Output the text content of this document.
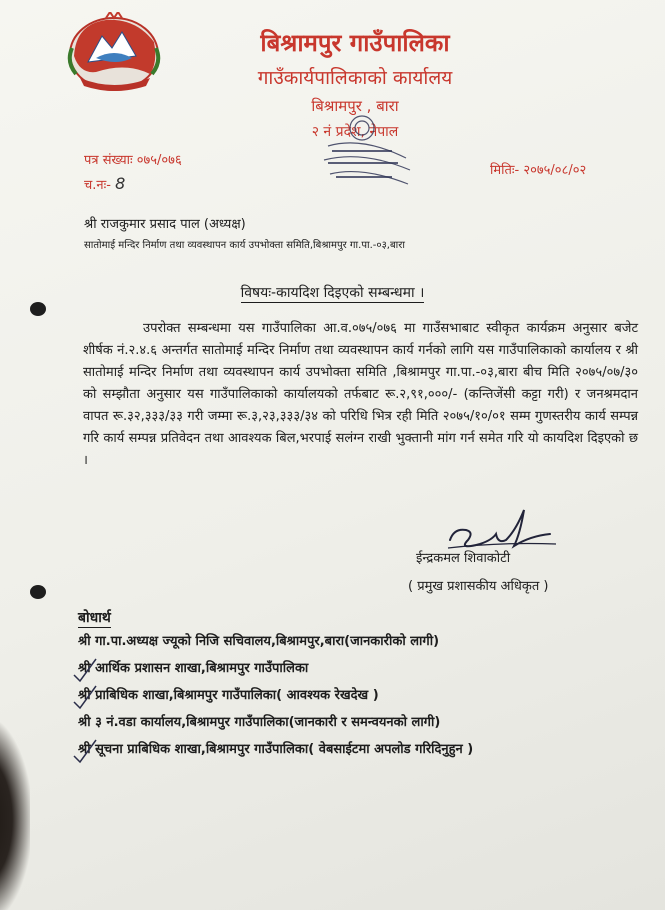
बिश्रामपुर गाउँपालिका
गाउँकार्यपालिकाको कार्यालय
बिश्रामपुर , बारा
२ नं प्रदेश, नेपाल
पत्र संख्याः ०७५/०७६
च.नः- 8
मितिः- २०७५/०८/०२
श्री राजकुमार प्रसाद पाल (अध्यक्ष)
सातोमाई मन्दिर निर्माण तथा व्यवस्थापन कार्य उपभोक्ता समिति,बिश्रामपुर गा.पा.-०३,बारा
विषयः-कायदिश दिइएको सम्बन्धमा ।

उपरोक्त सम्बन्धमा यस गाउँपालिका आ.व.०७५/०७६ मा गाउँसभाबाट स्वीकृत कार्यक्रम अनुसार बजेट शीर्षक नं.२.४.६ अन्तर्गत सातोमाई मन्दिर निर्माण तथा व्यवस्थापन कार्य गर्नको लागि यस गाउँपालिकाको कार्यालय र श्री सातोमाई मन्दिर निर्माण तथा व्यवस्थापन कार्य उपभोक्ता समिति ,बिश्रामपुर गा.पा.-०३,बारा बीच मिति २०७५/०७/३० को सम्झौता अनुसार यस गाउँपालिकाको कार्यालयको तर्फबाट रू.२,९१,०००/- (कन्तिजेंसी कट्टा गरी) र जनश्रमदान वापत रू.३२,३३३/३३ गरी जम्मा रू.३,२३,३३३/३४ को परिधि भित्र रही मिति २०७५/१०/०१ सम्म गुणस्तरीय कार्य सम्पन्न गरि कार्य सम्पन्न प्रतिवेदन तथा आवश्यक बिल,भरपाई सलंग्न राखी भुक्तानी मांग गर्न समेत गरि यो कायदिश दिइएको छ ।

ईन्द्रकमल शिवाकोटी
( प्रमुख प्रशासकीय अधिकृत )
बोधार्थ
श्री गा.पा.अध्यक्ष ज्यूको निजि सचिवालय,बिश्रामपुर,बारा(जानकारीको लागी)
श्री आर्थिक प्रशासन शाखा,बिश्रामपुर गाउँपालिका
श्री प्राबिधिक शाखा,बिश्रामपुर गाउँपालिका( आवश्यक रेखदेख )
श्री ३ नं.वडा कार्यालय,बिश्रामपुर गाउँपालिका(जानकारी र समन्वयनको लागी)
श्री सूचना प्राबिधिक शाखा,बिश्रामपुर गाउँपालिका( वेबसाईटमा अपलोड गरिदिनुहुन )
